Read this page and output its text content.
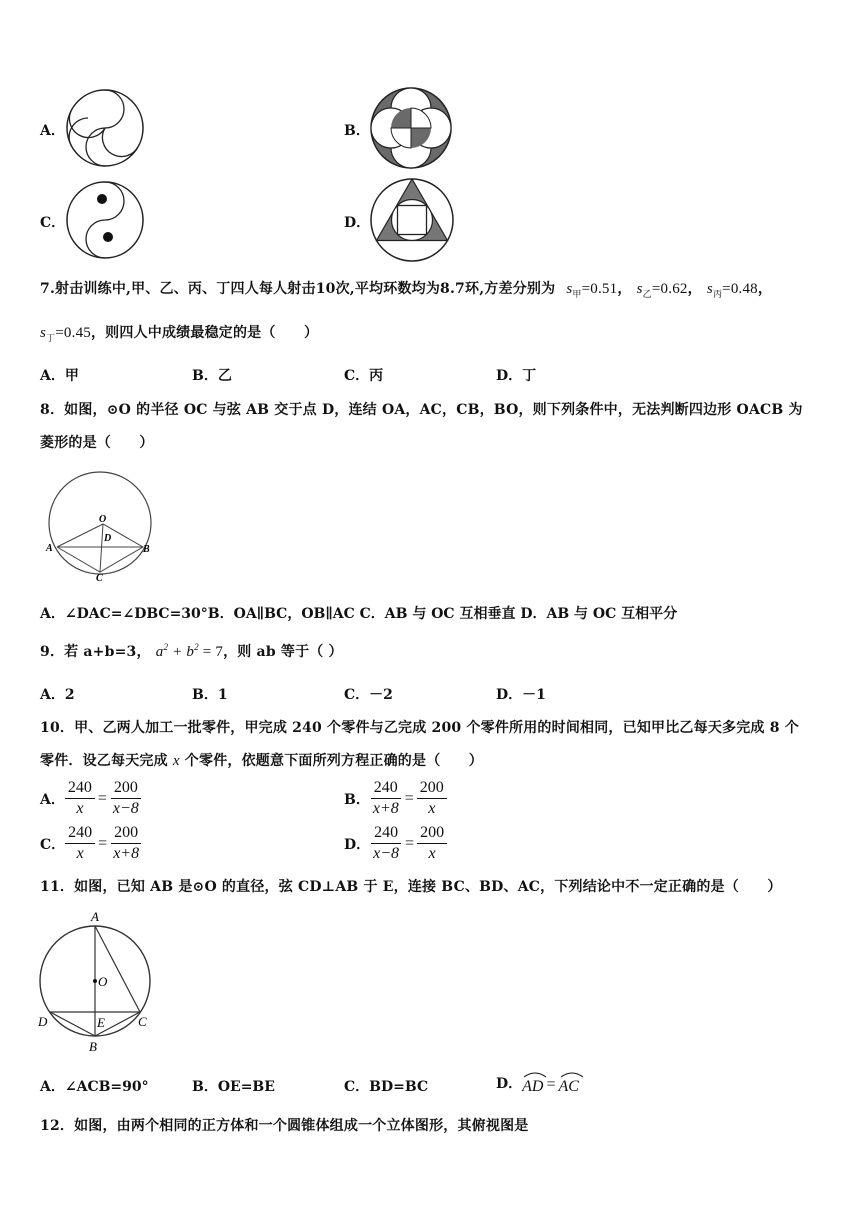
A．	B．
C．	D．
7.射击训练中,甲、乙、丙、丁四人每人射击10次,平均环数均为8.7环,方差分别为 $s_甲=0.51$， $s_乙=0.62$， $s_丙=0.48$，
$s_丁=0.45$，则四人中成绩最稳定的是（　　）
A．甲	B．乙	C．丙	D．丁
8．如图，⊙O 的半径 OC 与弦 AB 交于点 D，连结 OA，AC，CB，BO，则下列条件中，无法判断四边形 OACB 为
菱形的是（　　）
O
D
A	B
C
A．∠DAC=∠DBC=30°B．OA∥BC，OB∥AC C．AB 与 OC 互相垂直 D．AB 与 OC 互相平分
9．若 a+b=3， $a^2 + b^2 = 7$，则 ab 等于（ ）
A．2	B．1	C．－2	D．－1
10．甲、乙两人加工一批零件，甲完成 240 个零件与乙完成 200 个零件所用的时间相同，已知甲比乙每天多完成 8 个
零件．设乙每天完成 x 个零件，依题意下面所列方程正确的是（　　）
A． $\frac{240}{x} = \frac{200}{x-8}$	B． $\frac{240}{x+8} = \frac{200}{x}$
C． $\frac{240}{x} = \frac{200}{x+8}$	D． $\frac{240}{x-8} = \frac{200}{x}$
11．如图，已知 AB 是⊙O 的直径，弦 CD⊥AB 于 E，连接 BC、BD、AC，下列结论中不一定正确的是（　　）
A
O
D	E	C
B
A．∠ACB=90°	B．OE=BE	C．BD=BC	D． AD = AC
12．如图，由两个相同的正方体和一个圆锥体组成一个立体图形，其俯视图是
